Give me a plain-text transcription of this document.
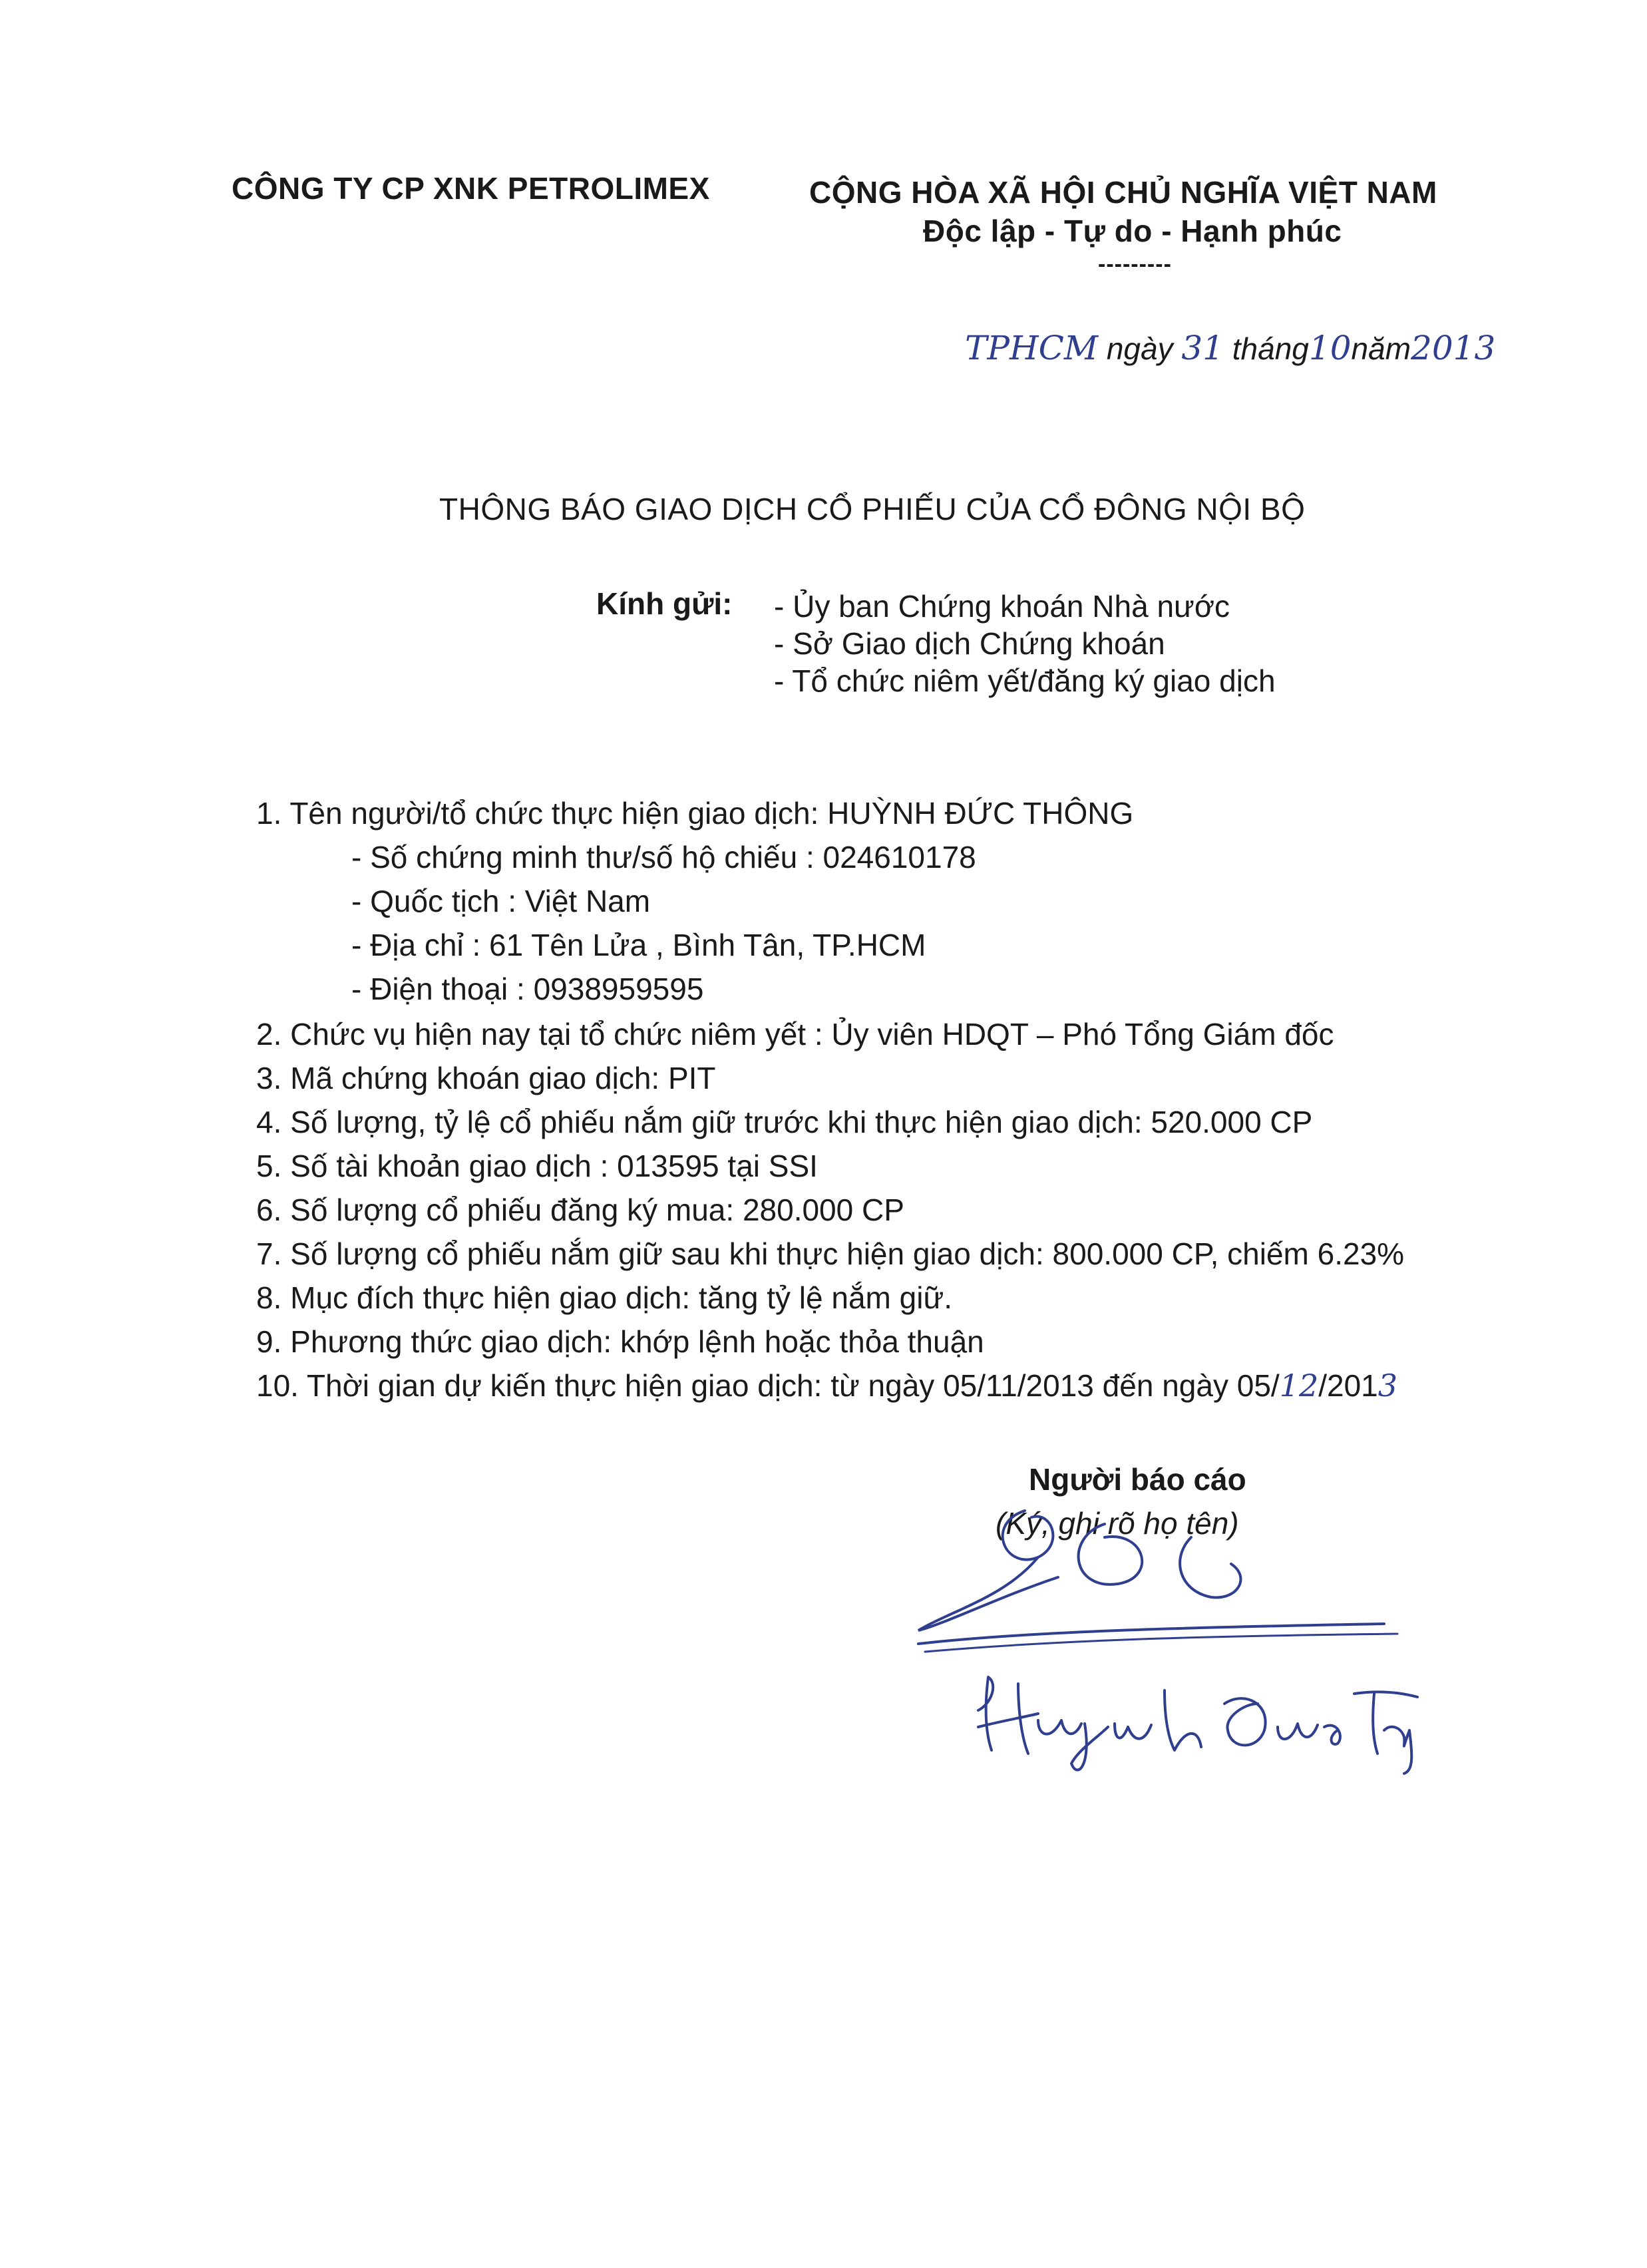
CÔNG TY CP XNK PETROLIMEX	CỘNG HÒA XÃ HỘI CHỦ NGHĨA VIỆT NAM
Độc lập - Tự do - Hạnh phúc
---------
TPHCM ngày 31 tháng10năm2013
THÔNG BÁO GIAO DỊCH CỔ PHIẾU CỦA CỔ ĐÔNG NỘI BỘ
Kính gửi: - Ủy ban Chứng khoán Nhà nước
- Sở Giao dịch Chứng khoán
- Tổ chức niêm yết/đăng ký giao dịch
1. Tên người/tổ chức thực hiện giao dịch: HUỲNH ĐỨC THÔNG
- Số chứng minh thư/số hộ chiếu : 024610178
- Quốc tịch : Việt Nam
- Địa chỉ : 61 Tên Lửa , Bình Tân, TP.HCM
- Điện thoại : 0938959595
2. Chức vụ hiện nay tại tổ chức niêm yết : Ủy viên HDQT – Phó Tổng Giám đốc
3. Mã chứng khoán giao dịch: PIT
4. Số lượng, tỷ lệ cổ phiếu nắm giữ trước khi thực hiện giao dịch: 520.000 CP
5. Số tài khoản giao dịch : 013595 tại SSI
6. Số lượng cổ phiếu đăng ký mua: 280.000 CP
7. Số lượng cổ phiếu nắm giữ sau khi thực hiện giao dịch: 800.000 CP, chiếm 6.23%
8. Mục đích thực hiện giao dịch: tăng tỷ lệ nắm giữ.
9. Phương thức giao dịch: khớp lệnh hoặc thỏa thuận
10. Thời gian dự kiến thực hiện giao dịch: từ ngày 05/11/2013 đến ngày 05/12/2013
Người báo cáo
(Ký, ghi rõ họ tên)
